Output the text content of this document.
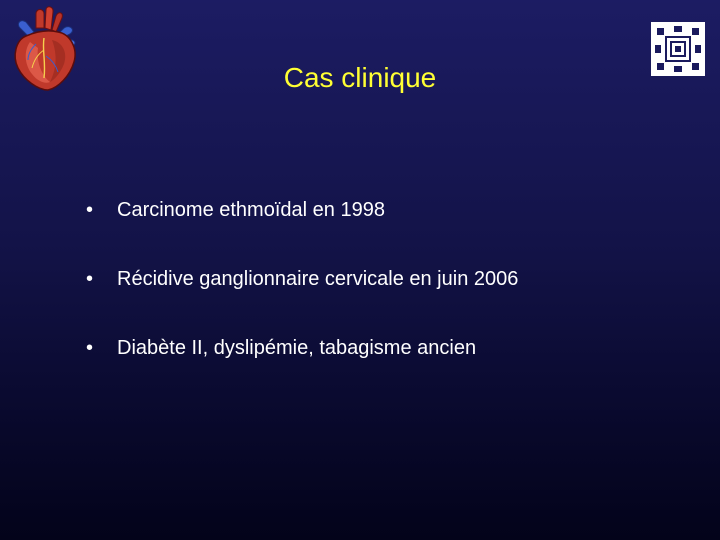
Cas clinique
• Carcinome ethmoïdal en 1998
• Récidive ganglionnaire cervicale en juin 2006
• Diabète II, dyslipémie, tabagisme ancien
